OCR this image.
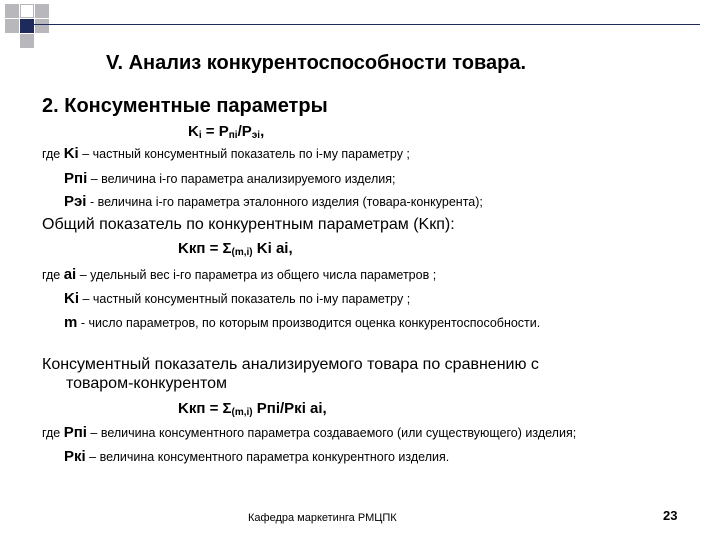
V. Анализ конкурентоспособности товара.
2. Консументные параметры
$K_i = P_{пi}/P_{эi}$,
где Ki – частный консументный показатель по i-му параметру ;
Pпi – величина i-го параметра анализируемого изделия;
Pэi - величина i-го параметра эталонного изделия (товара-конкурента);
Общий показатель по конкурентным параметрам (Kкп):
Kкп = $\Sigma_{(m,i)}$ Ki ai,
где ai – удельный вес i-го параметра из общего числа параметров ;
Ki – частный консументный показатель по i-му параметру ;
m - число параметров, по которым производится оценка конкурентоспособности.
Консументный показатель анализируемого товара по сравнению с
товаром-конкурентом
Kкп = $\Sigma_{(m,i)}$ Pпi/Pкi ai,
где Pпi – величина консументного параметра создаваемого (или существующего) изделия;
Pкi – величина консументного параметра конкурентного изделия.
Кафедра маркетинга РМЦПК	23
